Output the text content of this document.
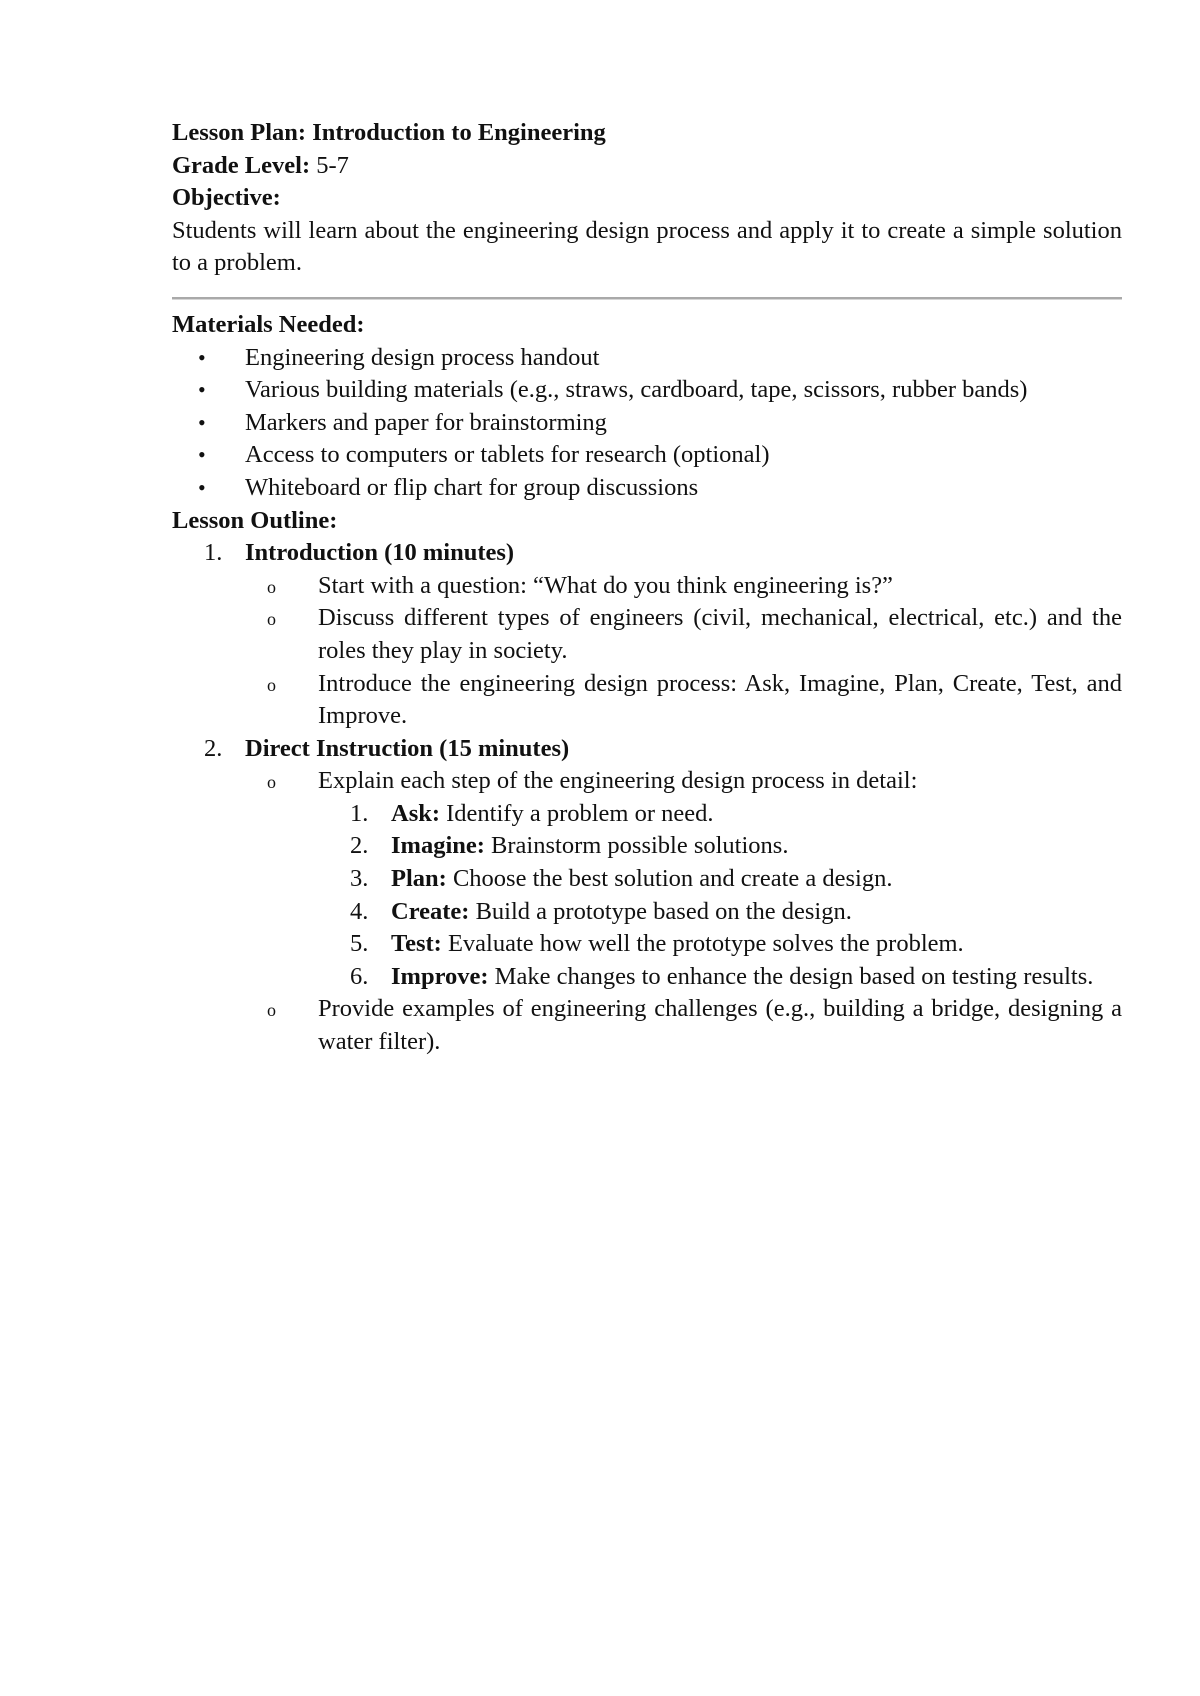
Lesson Plan: Introduction to Engineering

Grade Level: 5-7

Objective:

Students will learn about the engineering design process and apply it to create a simple solution to a problem.

Materials Needed:

• Engineering design process handout
• Various building materials (e.g., straws, cardboard, tape, scissors, rubber bands)
• Markers and paper for brainstorming
• Access to computers or tablets for research (optional)
• Whiteboard or flip chart for group discussions

Lesson Outline:

1. Introduction (10 minutes)
o Start with a question: “What do you think engineering is?”
o Discuss different types of engineers (civil, mechanical, electrical, etc.) and the roles they play in society.
o Introduce the engineering design process: Ask, Imagine, Plan, Create, Test, and Improve.
2. Direct Instruction (15 minutes)
o Explain each step of the engineering design process in detail:
1. Ask: Identify a problem or need.
2. Imagine: Brainstorm possible solutions.
3. Plan: Choose the best solution and create a design.
4. Create: Build a prototype based on the design.
5. Test: Evaluate how well the prototype solves the problem.
6. Improve: Make changes to enhance the design based on testing results.
o Provide examples of engineering challenges (e.g., building a bridge, designing a water filter).
